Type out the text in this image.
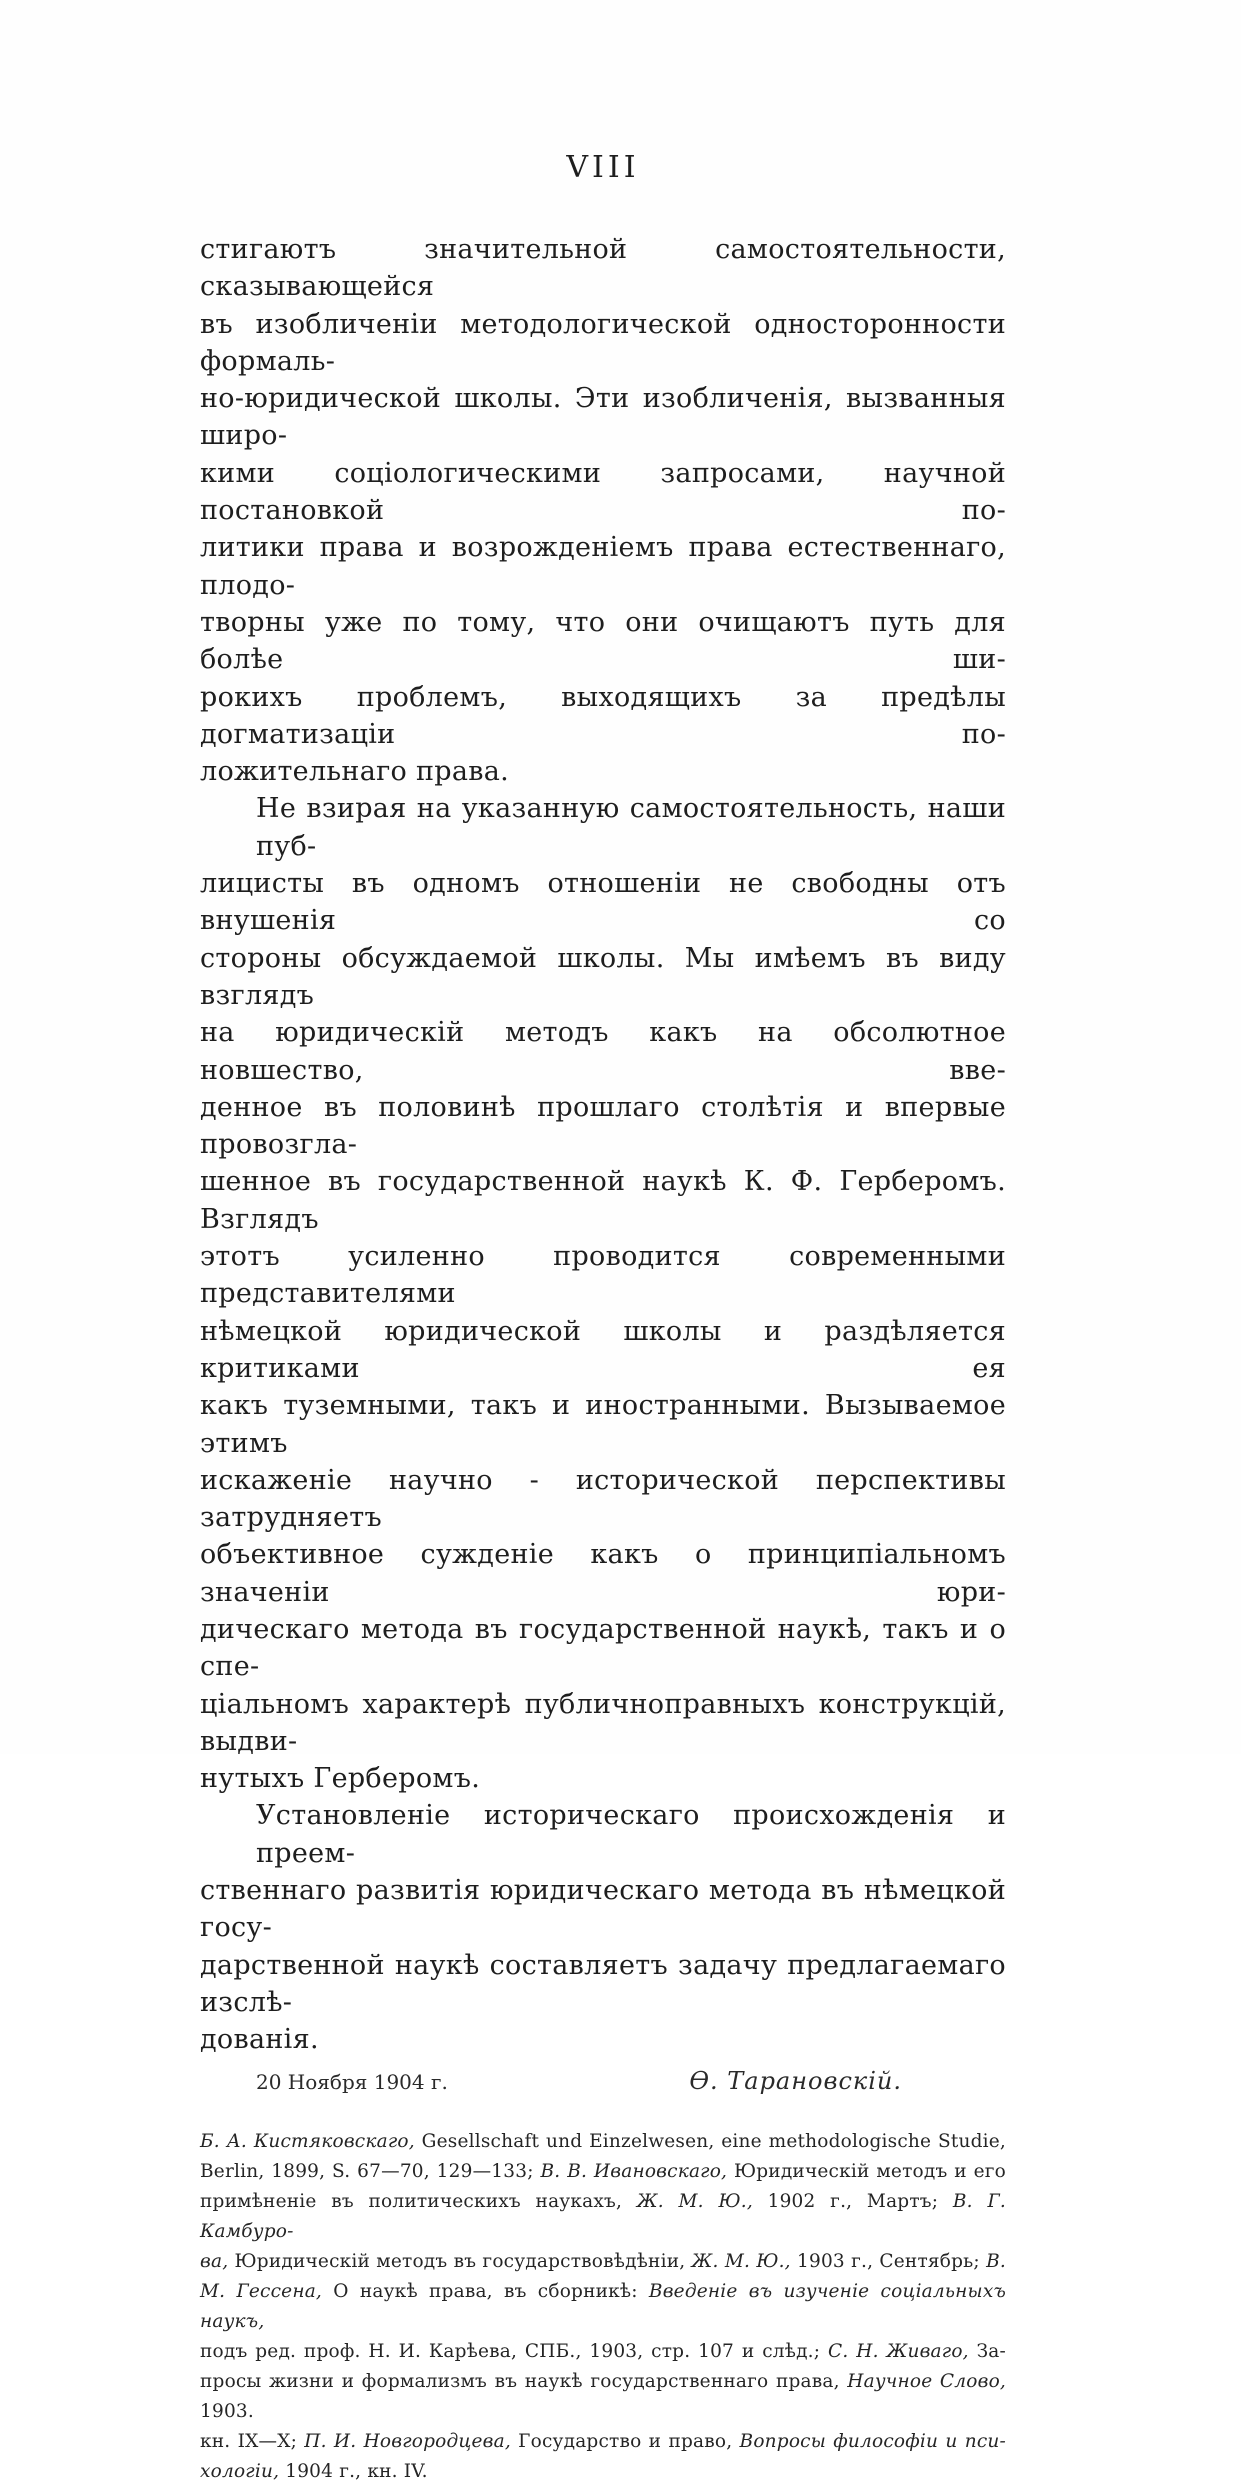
VIII
стигаютъ значительной самостоятельности, сказывающейся
въ изобличеніи методологической односторонности формаль-
но-юридической школы. Эти изобличенія, вызванныя широ-
кими соціологическими запросами, научной постановкой по-
литики права и возрожденіемъ права естественнаго, плодо-
творны уже по тому, что они очищаютъ путь для болѣе ши-
рокихъ проблемъ, выходящихъ за предѣлы догматизаціи по-
ложительнаго права.
Не взирая на указанную самостоятельность, наши пуб-
лицисты въ одномъ отношеніи не свободны отъ внушенія со
стороны обсуждаемой школы. Мы имѣемъ въ виду взглядъ
на юридическій методъ какъ на обсолютное новшество, вве-
денное въ половинѣ прошлаго столѣтія и впервые провозгла-
шенное въ государственной наукѣ К. Ф. Герберомъ. Взглядъ
этотъ усиленно проводится современными представителями
нѣмецкой юридической школы и раздѣляется критиками ея
какъ туземными, такъ и иностранными. Вызываемое этимъ
искаженіе научно - исторической перспективы затрудняетъ
объективное сужденіе какъ о принципіальномъ значеніи юри-
дическаго метода въ государственной наукѣ, такъ и о спе-
ціальномъ характерѣ публичноправныхъ конструкцій, выдви-
нутыхъ Герберомъ.
Установленіе историческаго происхожденія и преем-
ственнаго развитія юридическаго метода въ нѣмецкой госу-
дарственной наукѣ составляетъ задачу предлагаемаго изслѣ-
дованія.
20 Ноября 1904 г.	Ѳ. Тарановскій.
Б. А. Кистяковскаго, Gesellschaft und Einzelwesen, eine methodologische Studie,
Berlin, 1899, S. 67—70, 129—133; В. В. Ивановскаго, Юридическій методъ и его
примѣненіе въ политическихъ наукахъ, Ж. М. Ю., 1902 г., Мартъ; В. Г. Камбуро-
ва, Юридическій методъ въ государствовѣдѣніи, Ж. М. Ю., 1903 г., Сентябрь; В.
М. Гессена, О наукѣ права, въ сборникѣ: Введеніе въ изученіе соціальныхъ наукъ,
подъ ред. проф. Н. И. Карѣева, СПБ., 1903, стр. 107 и слѣд.; С. Н. Живаго, За-
просы жизни и формализмъ въ наукѣ государственнаго права, Научное Слово, 1903.
кн. IX—X; П. И. Новгородцева, Государство и право, Вопросы философіи и пси-
хологіи, 1904 г., кн. IV.
